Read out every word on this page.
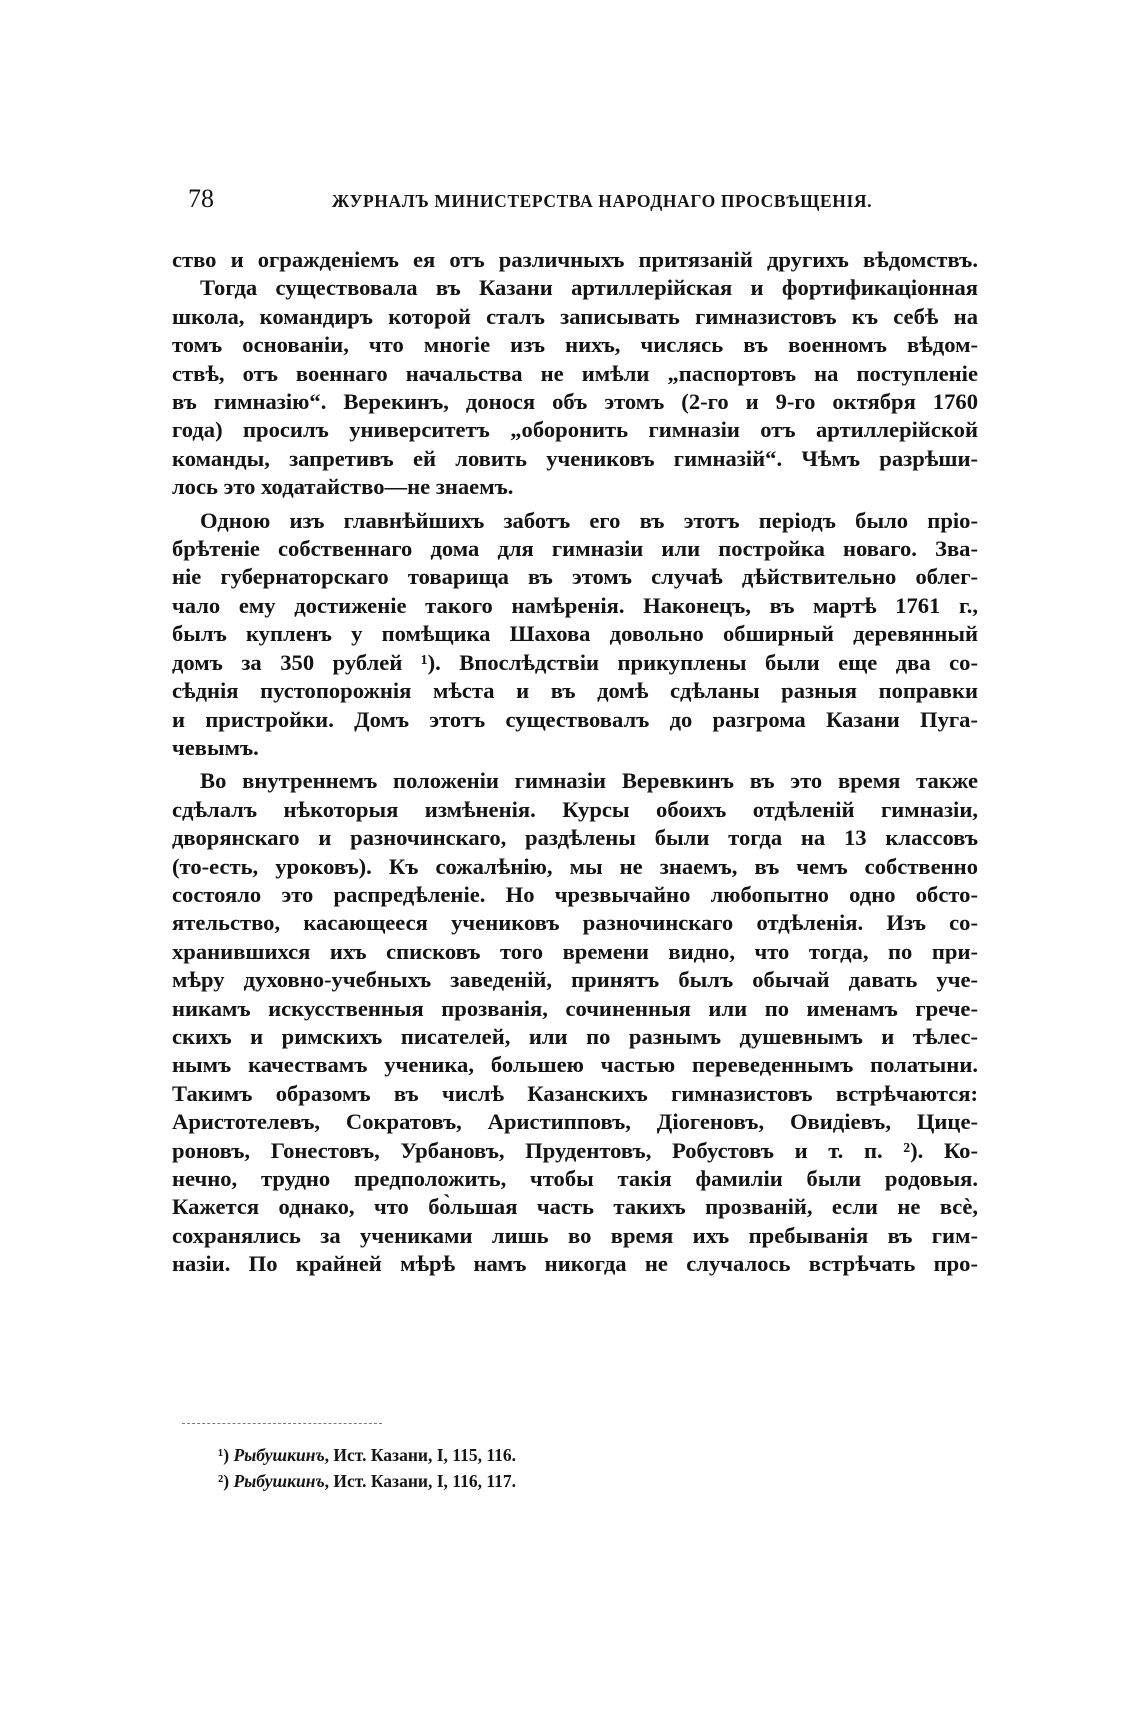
78	ЖУРНАЛЪ МИНИСТЕРСТВА НАРОДНАГО ПРОСВѢЩЕНІЯ.

ство и огражденіемъ ея отъ различныхъ притязаній другихъ вѣдомствъ.
Тогда существовала въ Казани артиллерійская и фортификаціонная
школа, командиръ которой сталъ записывать гимназистовъ къ себѣ на
томъ основаніи, что многіе изъ нихъ, числясь въ военномъ вѣдом-
ствѣ, отъ военнаго начальства не имѣли „паспортовъ на поступленіе
въ гимназію“. Верекинъ, донося объ этомъ (2-го и 9-го октября 1760
года) просилъ университетъ „оборонить гимназіи отъ артиллерійской
команды, запретивъ ей ловить учениковъ гимназій“. Чѣмъ разрѣши-
лось это ходатайство—не знаемъ.

Одною изъ главнѣйшихъ заботъ его въ этотъ періодъ было пріо-
брѣтеніе собственнаго дома для гимназіи или постройка новаго. Зва-
ніе губернаторскаго товарища въ этомъ случаѣ дѣйствительно облег-
чало ему достиженіе такого намѣренія. Наконецъ, въ мартѣ 1761 г.,
былъ купленъ у помѣщика Шахова довольно обширный деревянный
домъ за 350 рублей ¹). Впослѣдствіи прикуплены были еще два со-
сѣднія пустопорожнія мѣста и въ домѣ сдѣланы разныя поправки
и пристройки. Домъ этотъ существовалъ до разгрома Казани Пуга-
чевымъ.

Во внутреннемъ положеніи гимназіи Веревкинъ въ это время также
сдѣлалъ нѣкоторыя измѣненія. Курсы обоихъ отдѣленій гимназіи,
дворянскаго и разночинскаго, раздѣлены были тогда на 13 классовъ
(то-есть, уроковъ). Къ сожалѣнію, мы не знаемъ, въ чемъ собственно
состояло это распредѣленіе. Но чрезвычайно любопытно одно обсто-
ятельство, касающееся учениковъ разночинскаго отдѣленія. Изъ со-
хранившихся ихъ списковъ того времени видно, что тогда, по при-
мѣру духовно-учебныхъ заведеній, принятъ былъ обычай давать уче-
никамъ искусственныя прозванія, сочиненныя или по именамъ грече-
скихъ и римскихъ писателей, или по разнымъ душевнымъ и тѣлес-
нымъ качествамъ ученика, большею частью переведеннымъ полатыни.
Такимъ образомъ въ числѣ Казанскихъ гимназистовъ встрѣчаются:
Аристотелевъ, Сократовъ, Аристипповъ, Діогеновъ, Овидіевъ, Цице-
роновъ, Гонестовъ, Урбановъ, Прудентовъ, Робустовъ и т. п. ²). Ко-
нечно, трудно предположить, чтобы такія фамиліи были родовыя.
Кажется однако, что бо̀льшая часть такихъ прозваній, если не всѐ,
сохранялись за учениками лишь во время ихъ пребыванія въ гим-
назіи. По крайней мѣрѣ намъ никогда не случалось встрѣчать про-

¹) Рыбушкинъ, Ист. Казани, I, 115, 116.
²) Рыбушкинъ, Ист. Казани, I, 116, 117.
